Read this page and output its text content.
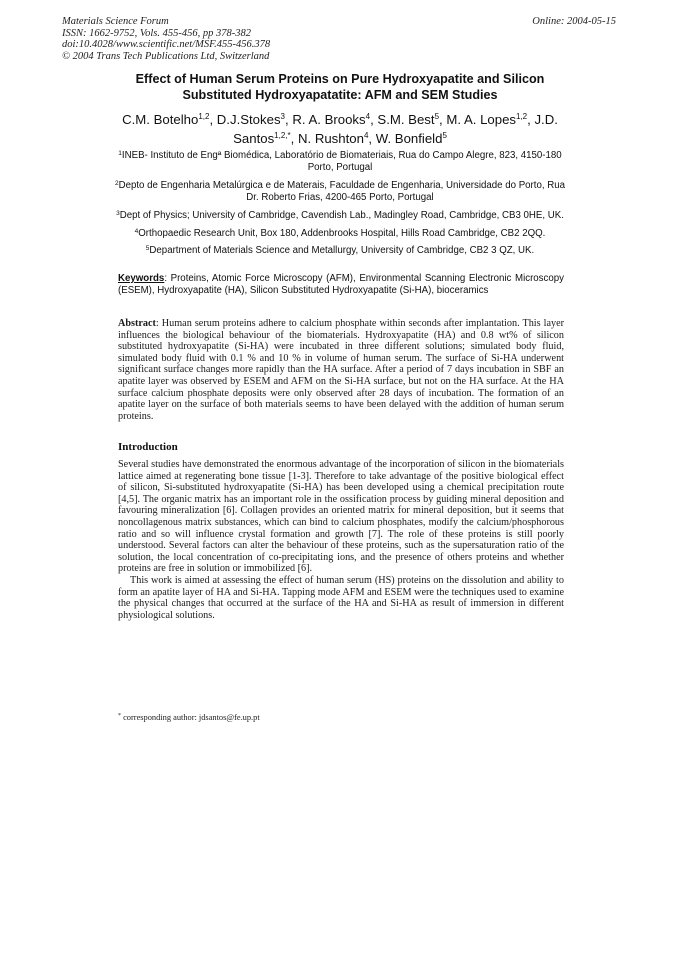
Materials Science Forum
ISSN: 1662-9752, Vols. 455-456, pp 378-382
doi:10.4028/www.scientific.net/MSF.455-456.378
© 2004 Trans Tech Publications Ltd, Switzerland
Online: 2004-05-15
Effect of Human Serum Proteins on Pure Hydroxyapatite and Silicon Substituted Hydroxyapatatite: AFM and SEM Studies
C.M. Botelho$^{1,2}$, D.J.Stokes$^3$, R. A. Brooks$^4$, S.M. Best$^5$, M. A. Lopes$^{1,2}$, J.D. Santos$^{1,2,*}$, N. Rushton$^4$, W. Bonfield$^5$
$^1$INEB- Instituto de Engª Biomédica, Laboratório de Biomateriais, Rua do Campo Alegre, 823, 4150-180 Porto, Portugal
$^2$Depto de Engenharia Metalúrgica e de Materais, Faculdade de Engenharia, Universidade do Porto, Rua Dr. Roberto Frias, 4200-465 Porto, Portugal
$^3$Dept of Physics; University of Cambridge, Cavendish Lab., Madingley Road, Cambridge, CB3 0HE, UK.
$^4$Orthopaedic Research Unit, Box 180, Addenbrooks Hospital, Hills Road Cambridge, CB2 2QQ.
$^5$Department of Materials Science and Metallurgy, University of Cambridge, CB2 3 QZ, UK.
Keywords: Proteins, Atomic Force Microscopy (AFM), Environmental Scanning Electronic Microscopy (ESEM), Hydroxyapatite (HA), Silicon Substituted Hydroxyapatite (Si-HA), bioceramics
Abstract: Human serum proteins adhere to calcium phosphate within seconds after implantation. This layer influences the biological behaviour of the biomaterials. Hydroxyapatite (HA) and 0.8 wt% of silicon substituted hydroxyapatite (Si-HA) were incubated in three different solutions; simulated body fluid, simulated body fluid with 0.1 % and 10 % in volume of human serum. The surface of Si-HA underwent significant surface changes more rapidly than the HA surface. After a period of 7 days incubation in SBF an apatite layer was observed by ESEM and AFM on the Si-HA surface, but not on the HA surface. At the HA surface calcium phosphate deposits were only observed after 28 days of incubation. The formation of an apatite layer on the surface of both materials seems to have been delayed with the addition of human serum proteins.
Introduction

Several studies have demonstrated the enormous advantage of the incorporation of silicon in the biomaterials lattice aimed at regenerating bone tissue [1-3]. Therefore to take advantage of the positive biological effect of silicon, Si-substituted hydroxyapatite (Si-HA) has been developed using a chemical precipitation route [4,5]. The organic matrix has an important role in the ossification process by guiding mineral deposition and favouring mineralization [6]. Collagen provides an oriented matrix for mineral deposition, but it seems that noncollagenous matrix substances, which can bind to calcium phosphates, modify the calcium/phosphorous ratio and so will influence crystal formation and growth [7]. The role of these proteins is still poorly understood. Several factors can alter the behaviour of these proteins, such as the supersaturation ratio of the solution, the local concentration of co-precipitating ions, and the presence of others proteins and whether proteins are free in solution or immobilized [6].

This work is aimed at assessing the effect of human serum (HS) proteins on the dissolution and ability to form an apatite layer of HA and Si-HA. Tapping mode AFM and ESEM were the techniques used to examine the physical changes that occurred at the surface of the HA and Si-HA as result of immersion in different physiological solutions.

* corresponding author: jdsantos@fe.up.pt
